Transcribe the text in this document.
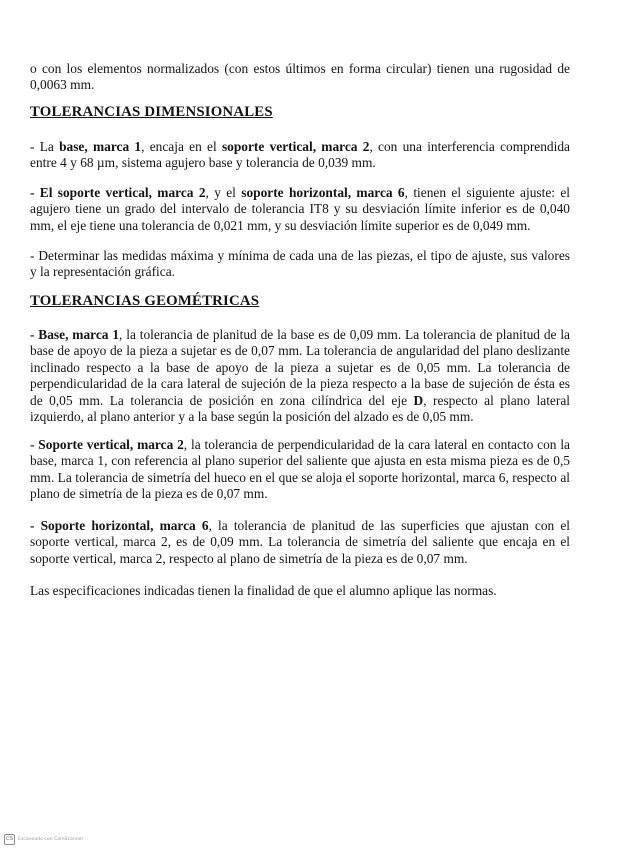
o con los elementos normalizados (con estos últimos en forma circular) tienen una rugosidad de 0,0063 mm.

TOLERANCIAS DIMENSIONALES

- La base, marca 1, encaja en el soporte vertical, marca 2, con una interferencia comprendida entre 4 y 68 µm, sistema agujero base y tolerancia de 0,039 mm.

- El soporte vertical, marca 2, y el soporte horizontal, marca 6, tienen el siguiente ajuste: el agujero tiene un grado del intervalo de tolerancia IT8 y su desviación límite inferior es de 0,040 mm, el eje tiene una tolerancia de 0,021 mm, y su desviación límite superior es de 0,049 mm.

- Determinar las medidas máxima y mínima de cada una de las piezas, el tipo de ajuste, sus valores y la representación gráfica.

TOLERANCIAS GEOMÉTRICAS

- Base, marca 1, la tolerancia de planitud de la base es de 0,09 mm. La tolerancia de planitud de la base de apoyo de la pieza a sujetar es de 0,07 mm. La tolerancia de angularidad del plano deslizante inclinado respecto a la base de apoyo de la pieza a sujetar es de 0,05 mm. La tolerancia de perpendicularidad de la cara lateral de sujeción de la pieza respecto a la base de sujeción de ésta es de 0,05 mm. La tolerancia de posición en zona cilíndrica del eje D, respecto al plano lateral izquierdo, al plano anterior y a la base según la posición del alzado es de 0,05 mm.

- Soporte vertical, marca 2, la tolerancia de perpendicularidad de la cara lateral en contacto con la base, marca 1, con referencia al plano superior del saliente que ajusta en esta misma pieza es de 0,5 mm. La tolerancia de simetría del hueco en el que se aloja el soporte horizontal, marca 6, respecto al plano de simetría de la pieza es de 0,07 mm.

- Soporte horizontal, marca 6, la tolerancia de planitud de las superficies que ajustan con el soporte vertical, marca 2, es de 0,09 mm. La tolerancia de simetría del saliente que encaja en el soporte vertical, marca 2, respecto al plano de simetría de la pieza es de 0,07 mm.

Las especificaciones indicadas tienen la finalidad de que el alumno aplique las normas.

CS	Escaneado con CamScanner
